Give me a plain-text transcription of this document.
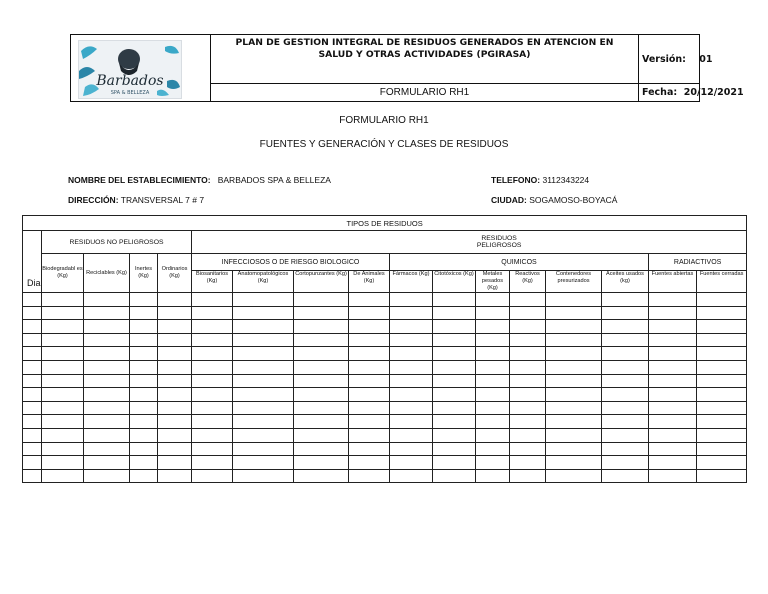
Barbados
SPA & BELLEZA
PLAN DE GESTION INTEGRAL DE RESIDUOS GENERADOS EN ATENCION EN
SALUD Y OTRAS ACTIVIDADES (PGIRASA)	Versión: 01
FORMULARIO RH1	Fecha: 20/12/2021
FORMULARIO RH1
FUENTES Y GENERACIÓN Y CLASES DE RESIDUOS
NOMBRE DEL ESTABLECIMIENTO: BARBADOS SPA & BELLEZA	TELEFONO: 3112343224
DIRECCIÓN: TRANSVERSAL 7 # 7	CIUDAD: SOGAMOSO-BOYACÁ
TIPOS DE RESIDUOS																
Dia	RESIDUOS NO PELIGROSOS				RESIDUOS PELIGROSOS											
	Biodegradabl es (Kg)	Reciclables (Kg)	Inertes (Kg)	Ordinarios (Kg)	INFECCIOSOS O DE RIESGO BIOLOGICO				QUIMICOS						RADIACTIVOS	
					Biosanitarios (Kg)	Anatomopatológicos (Kg)	Cortopunzantes (Kg)	De Animales (Kg)	Fármacos (Kg)	Citotóxicos (Kg)	Metales pesados (Kg)	Reactivos (Kg)	Contenedores presurizados	Aceites usados (kg)	Fuentes abiertas	Fuentes cerradas
